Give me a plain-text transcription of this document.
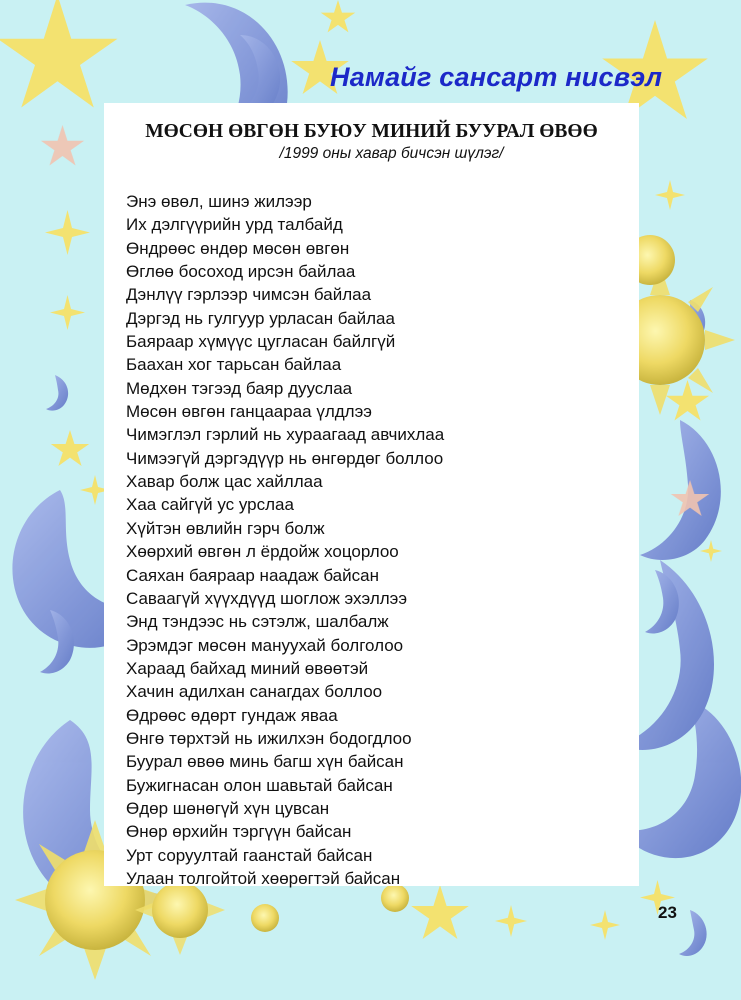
Намайг сансарт нисвэл
МӨСӨН ӨВГӨН БУЮУ МИНИЙ БУУРАЛ ӨВӨӨ
/1999 оны хавар бичсэн шүлэг/
Энэ өвөл, шинэ жилээр
Их дэлгүүрийн урд талбайд
Өндрөөс өндөр мөсөн өвгөн
Өглөө босоход ирсэн байлаа
Дэнлүү гэрлээр чимсэн байлаа
Дэргэд нь гулгуур урласан байлаа
Баяраар хүмүүс цугласан байлгүй
Баахан хог тарьсан байлаа
Мөдхөн тэгээд баяр дууслаа
Мөсөн өвгөн ганцаараа үлдлээ
Чимэглэл гэрлий нь хураагаад авчихлаа
Чимээгүй дэргэдүүр нь өнгөрдөг боллоо
Хавар болж цас хайллаа
Хаа сайгүй ус урслаа
Хүйтэн өвлийн гэрч болж
Хөөрхий өвгөн л ёрдойж хоцорлоо
Саяхан баяраар наадаж байсан
Саваагүй хүүхдүүд шоглож эхэллээ
Энд тэндээс нь сэтэлж, шалбалж
Эрэмдэг мөсөн мануухай болголоо
Хараад байхад миний өвөөтэй
Хачин адилхан санагдах боллоо
Өдрөөс өдөрт гундаж яваа
Өнгө төрхтэй нь ижилхэн бодогдлоо
Буурал өвөө минь багш хүн байсан
Бужигнасан олон шавьтай байсан
Өдөр шөнөгүй хүн цувсан
Өнөр өрхийн тэргүүн байсан
Урт соруултай гаанстай байсан
Улаан толгойтой хөөрөгтэй байсан
23
